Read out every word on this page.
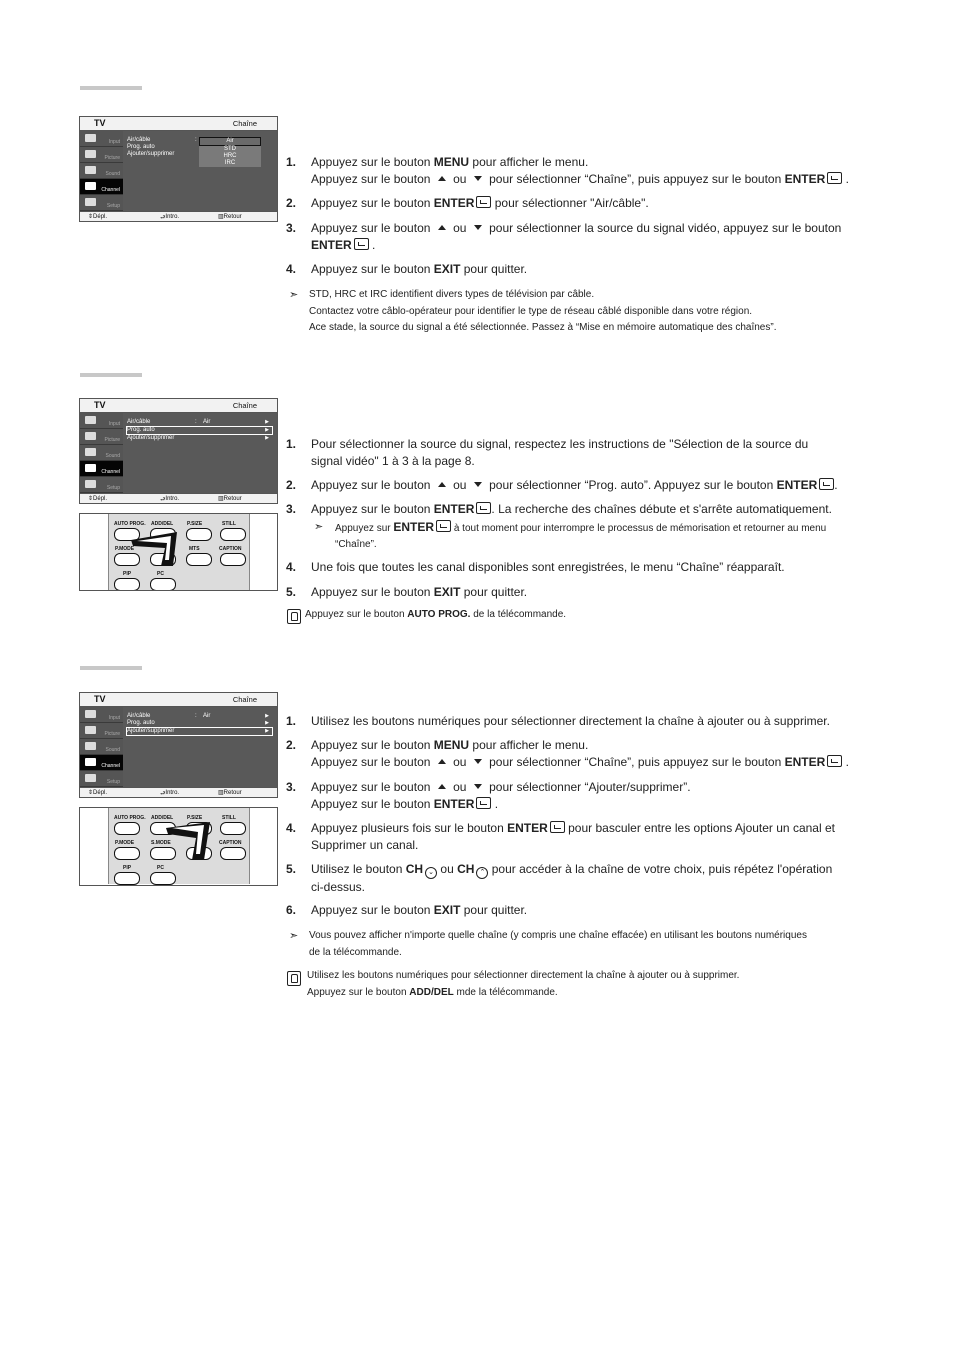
TV	Chaîne
Input
Picture
Sound
Channel
Setup
Air/câble	:
Prog. auto
Ajouter/supprimer
Air
STD
HRC
IRC
⇕ Dépl.	⮐ Intro.	▥ Retour
1. Appuyez sur le bouton MENU pour afficher le menu.
Appuyez sur le bouton  ou  pour sélectionner “Chaîne”, puis appuyez sur le bouton ENTER .
2. Appuyez sur le bouton ENTER pour sélectionner "Air/câble".
3. Appuyez sur le bouton  ou  pour sélectionner la source du signal vidéo, appuyez sur le bouton
ENTER .
4. Appuyez sur le bouton EXIT pour quitter.
➣ STD, HRC et IRC identifient divers types de télévision par câble.
Contactez votre câblo-opérateur pour identifier le type de réseau câblé disponible dans votre région.
Ace stade, la source du signal a été sélectionnée. Passez à “Mise en mémoire automatique des chaînes”.
TV	Chaîne
Input
Picture
Sound
Channel
Setup
Air/câble	: Air	▶
Prog. auto	▶
Ajouter/supprimer	▶
⇕ Dépl.	⮐ Intro.	▥ Retour
AUTO PROG. ADD/DEL	P.SIZE	STILL
P.MODE	MTS	CAPTION
PIP	PC
1. Pour sélectionner la source du signal, respectez les instructions de "Sélection de la source du
signal vidéo" 1 à 3 à la page 8.
2. Appuyez sur le bouton  ou  pour sélectionner “Prog. auto”. Appuyez sur le bouton ENTER .
3. Appuyez sur le bouton ENTER . La recherche des chaînes débute et s'arrête automatiquement.
➣ Appuyez sur ENTER à tout moment pour interrompre le processus de mémorisation et retourner au menu
“Chaîne”.
4. Une fois que toutes les canal disponibles sont enregistrées, le menu “Chaîne” réapparaît.
5. Appuyez sur le bouton EXIT pour quitter.
Appuyez sur le bouton AUTO PROG. de la télécommande.
TV	Chaîne
Input
Picture
Sound
Channel
Setup
Air/câble	: Air	▶
Prog. auto	▶
Ajouter/supprimer	▶
⇕ Dépl.	⮐ Intro.	▥ Retour
AUTO PROG. ADD/DEL	P.SIZE	STILL
P.MODE	S.MODE	CAPTION
PIP	PC
1. Utilisez les boutons numériques pour sélectionner directement la chaîne à ajouter ou à supprimer.
2. Appuyez sur le bouton MENU pour afficher le menu.
Appuyez sur le bouton  ou  pour sélectionner “Chaîne”, puis appuyez sur le bouton ENTER .
3. Appuyez sur le bouton  ou  pour sélectionner “Ajouter/supprimer”.
Appuyez sur le bouton ENTER .
4. Appuyez plusieurs fois sur le bouton ENTER pour basculer entre les options Ajouter un canal et
Supprimer un canal.
5. Utilisez le bouton CH ⌄ ou CH ⌃ pour accéder à la chaîne de votre choix, puis répétez l'opération
ci-dessus.
6. Appuyez sur le bouton EXIT pour quitter.
➣ Vous pouvez afficher n'importe quelle chaîne (y compris une chaîne effacée) en utilisant les boutons numériques
de la télécommande.
Utilisez les boutons numériques pour sélectionner directement la chaîne à ajouter ou à supprimer.
Appuyez sur le bouton ADD/DEL mde la télécommande.
